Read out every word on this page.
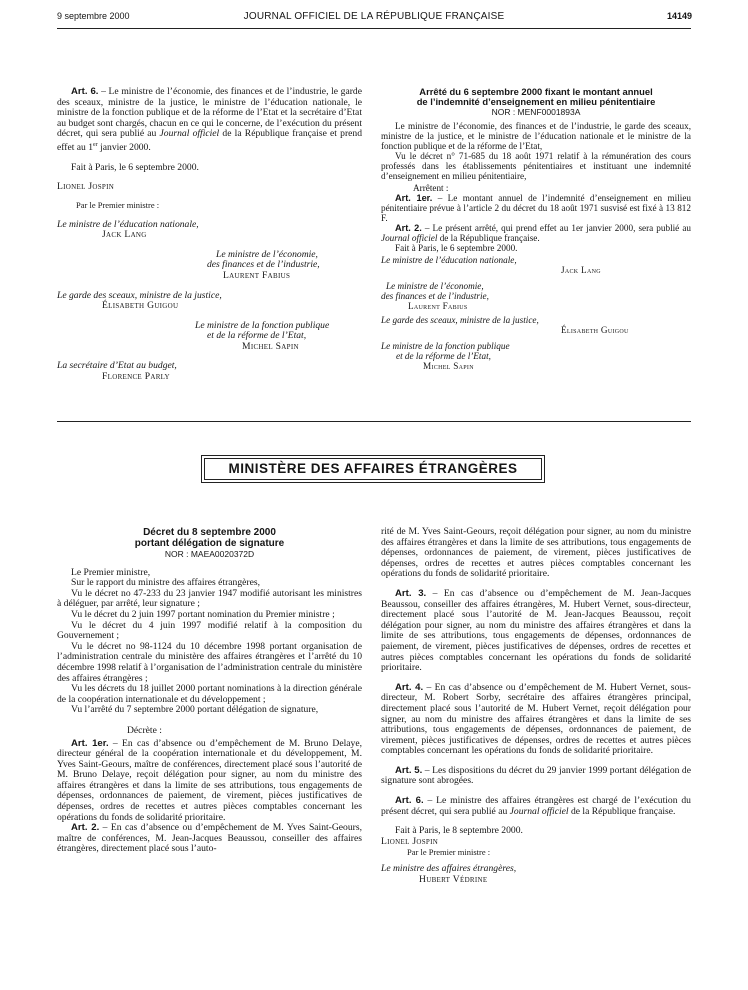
9 septembre 2000	JOURNAL OFFICIEL DE LA RÉPUBLIQUE FRANÇAISE	14149

Art. 6. – Le ministre de l’économie, des finances et de l’industrie, le garde des sceaux, ministre de la justice, le ministre de l’éducation nationale, le ministre de la fonction publique et de la réforme de l’Etat et la secrétaire d’Etat au budget sont chargés, chacun en ce qui le concerne, de l’exécution du présent décret, qui sera publié au Journal officiel de la République française et prend effet au 1er janvier 2000.

Fait à Paris, le 6 septembre 2000.

Lionel Jospin

Par le Premier ministre :

Le ministre de l’éducation nationale,

Jack Lang

Le ministre de l’économie,

des finances et de l’industrie,

Laurent Fabius

Le garde des sceaux, ministre de la justice,

Élisabeth Guigou

Le ministre de la fonction publique

et de la réforme de l’Etat,

Michel Sapin

La secrétaire d’Etat au budget,

Florence Parly

Arrêté du 6 septembre 2000 fixant le montant annuel
de l’indemnité d’enseignement en milieu pénitentiaire
NOR : MENF0001893A

Le ministre de l’économie, des finances et de l’industrie, le garde des sceaux, ministre de la justice, et le ministre de l’éducation nationale et le ministre de la fonction publique et de la réforme de l’Etat,

Vu le décret n° 71-685 du 18 août 1971 relatif à la rémunération des cours professés dans les établissements pénitentiaires et instituant une indemnité d’enseignement en milieu pénitentiaire,

Arrêtent :

Art. 1er. – Le montant annuel de l’indemnité d’enseignement en milieu pénitentiaire prévue à l’article 2 du décret du 18 août 1971 susvisé est fixé à 13 812 F.

Art. 2. – Le présent arrêté, qui prend effet au 1er janvier 2000, sera publié au Journal officiel de la République française.

Fait à Paris, le 6 septembre 2000.

Le ministre de l’éducation nationale,

Jack Lang

Le ministre de l’économie,

des finances et de l’industrie,

Laurent Fabius

Le garde des sceaux, ministre de la justice,

Élisabeth Guigou

Le ministre de la fonction publique

et de la réforme de l’Etat,

Michel Sapin

MINISTÈRE DES AFFAIRES ÉTRANGÈRES
Décret du 8 septembre 2000
portant délégation de signature
NOR : MAEA0020372D

Le Premier ministre,

Sur le rapport du ministre des affaires étrangères,

Vu le décret no 47-233 du 23 janvier 1947 modifié autorisant les ministres à déléguer, par arrêté, leur signature ;

Vu le décret du 2 juin 1997 portant nomination du Premier ministre ;

Vu le décret du 4 juin 1997 modifié relatif à la composition du Gouvernement ;

Vu le décret no 98-1124 du 10 décembre 1998 portant organisation de l’administration centrale du ministère des affaires étrangères et l’arrêté du 10 décembre 1998 relatif à l’organisation de l’administration centrale du ministère des affaires étrangères ;

Vu les décrets du 18 juillet 2000 portant nominations à la direction générale de la coopération internationale et du développement ;

Vu l’arrêté du 7 septembre 2000 portant délégation de signature,

Décrète :

Art. 1er. – En cas d’absence ou d’empêchement de M. Bruno Delaye, directeur général de la coopération internationale et du développement, M. Yves Saint-Geours, maître de conférences, directement placé sous l’autorité de M. Bruno Delaye, reçoit délégation pour signer, au nom du ministre des affaires étrangères et dans la limite de ses attributions, tous engagements de dépenses, ordonnances de paiement, de virement, pièces justificatives de dépenses, ordres de recettes et autres pièces comptables concernant les opérations du fonds de solidarité prioritaire.

Art. 2. – En cas d’absence ou d’empêchement de M. Yves Saint-Geours, maître de conférences, M. Jean-Jacques Beaussou, conseiller des affaires étrangères, directement placé sous l’auto-

rité de M. Yves Saint-Geours, reçoit délégation pour signer, au nom du ministre des affaires étrangères et dans la limite de ses attributions, tous engagements de dépenses, ordonnances de paiement, de virement, pièces justificatives de dépenses, ordres de recettes et autres pièces comptables concernant les opérations du fonds de solidarité prioritaire.

Art. 3. – En cas d’absence ou d’empêchement de M. Jean-Jacques Beaussou, conseiller des affaires étrangères, M. Hubert Vernet, sous-directeur, directement placé sous l’autorité de M. Jean-Jacques Beaussou, reçoit délégation pour signer, au nom du ministre des affaires étrangères et dans la limite de ses attributions, tous engagements de dépenses, ordonnances de paiement, de virement, pièces justificatives de dépenses, ordres de recettes et autres pièces comptables concernant les opérations du fonds de solidarité prioritaire.

Art. 4. – En cas d’absence ou d’empêchement de M. Hubert Vernet, sous-directeur, M. Robert Sorby, secrétaire des affaires étrangères principal, directement placé sous l’autorité de M. Hubert Vernet, reçoit délégation pour signer, au nom du ministre des affaires étrangères et dans la limite de ses attributions, tous engagements de dépenses, ordonnances de paiement, de virement, pièces justificatives de dépenses, ordres de recettes et autres pièces comptables concernant les opérations du fonds de solidarité prioritaire.

Art. 5. – Les dispositions du décret du 29 janvier 1999 portant délégation de signature sont abrogées.

Art. 6. – Le ministre des affaires étrangères est chargé de l’exécution du présent décret, qui sera publié au Journal officiel de la République française.

Fait à Paris, le 8 septembre 2000.

Lionel Jospin

Par le Premier ministre :

Le ministre des affaires étrangères,

Hubert Védrine
